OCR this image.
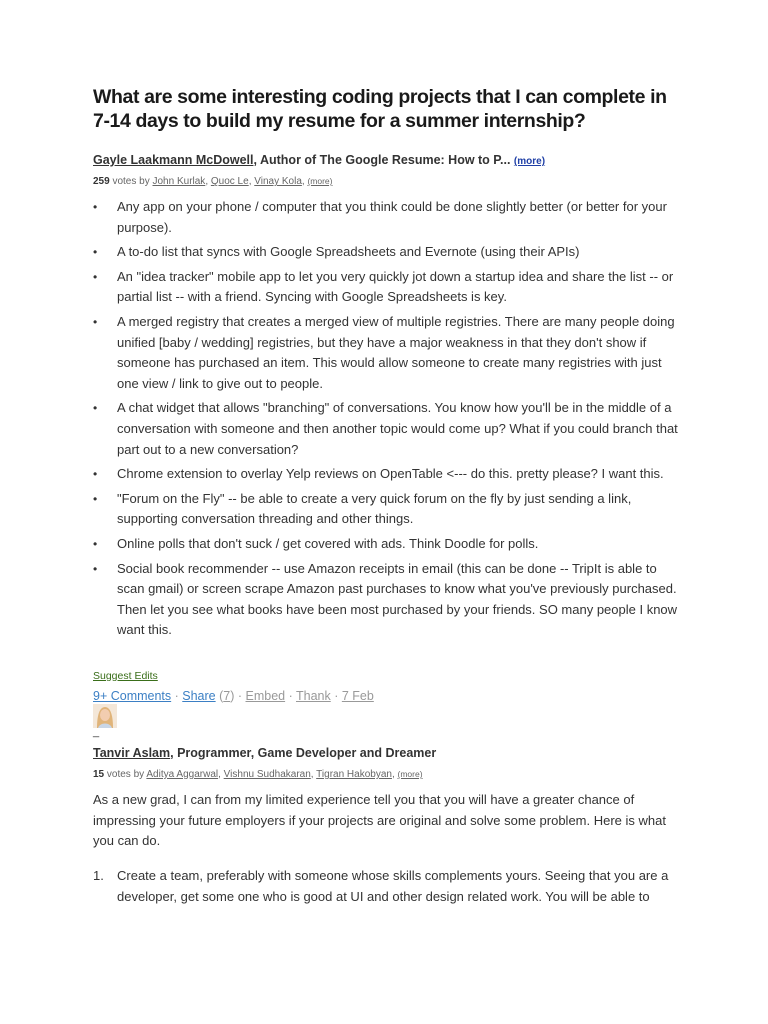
What are some interesting coding projects that I can complete in 7-14 days to build my resume for a summer internship?
Gayle Laakmann McDowell, Author of The Google Resume: How to P... (more)
259 votes by John Kurlak, Quoc Le, Vinay Kola, (more)
• Any app on your phone / computer that you think could be done slightly better (or better for your purpose).
• A to-do list that syncs with Google Spreadsheets and Evernote (using their APIs)
• An "idea tracker" mobile app to let you very quickly jot down a startup idea and share the list -- or partial list -- with a friend. Syncing with Google Spreadsheets is key.
• A merged registry that creates a merged view of multiple registries. There are many people doing unified [baby / wedding] registries, but they have a major weakness in that they don't show if someone has purchased an item. This would allow someone to create many registries with just one view / link to give out to people.
• A chat widget that allows "branching" of conversations. You know how you'll be in the middle of a conversation with someone and then another topic would come up? What if you could branch that part out to a new conversation?
• Chrome extension to overlay Yelp reviews on OpenTable <--- do this. pretty please? I want this.
• "Forum on the Fly" -- be able to create a very quick forum on the fly by just sending a link, supporting conversation threading and other things.
• Online polls that don't suck / get covered with ads. Think Doodle for polls.
• Social book recommender -- use Amazon receipts in email (this can be done -- TripIt is able to scan gmail) or screen scrape Amazon past purchases to know what you've previously purchased. Then let you see what books have been most purchased by your friends. SO many people I know want this.
Suggest Edits
9+ Comments · Share (7) · Embed · Thank · 7 Feb
_
Tanvir Aslam, Programmer, Game Developer and Dreamer
15 votes by Aditya Aggarwal, Vishnu Sudhakaran, Tigran Hakobyan, (more)

As a new grad, I can from my limited experience tell you that you will have a greater chance of impressing your future employers if your projects are original and solve some problem. Here is what you can do.

1. Create a team, preferably with someone whose skills complements yours. Seeing that you are a developer, get some one who is good at UI and other design related work. You will be able to
